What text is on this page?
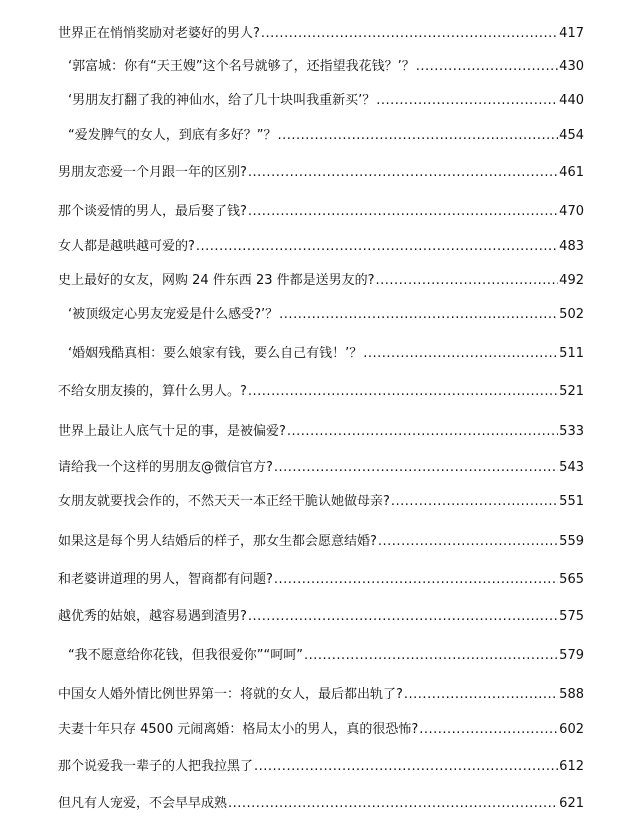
世界正在悄悄奖励对老婆好的男人? .....	417
‘郭富城：你有“天王嫂”这个名号就够了，还指望我花钱？’？ .....	430
‘男朋友打翻了我的神仙水，给了几十块叫我重新买’？ .....	440
“爱发脾气的女人，到底有多好？”？ .....	454
男朋友恋爱一个月跟一年的区别? .....	461
那个谈爱情的男人，最后娶了钱? .....	470
女人都是越哄越可爱的? .....	483
史上最好的女友，网购 24 件东西 23 件都是送男友的? .....	492
‘被顶级定心男友宠爱是什么感受?’？ .....	502
‘婚姻残酷真相：要么娘家有钱，要么自己有钱！’？ .....	511
不给女朋友揍的，算什么男人。? .....	521
世界上最让人底气十足的事，是被偏爱? .....	533
请给我一个这样的男朋友@微信官方? .....	543
女朋友就要找会作的，不然天天一本正经干脆认她做母亲? .....	551
如果这是每个男人结婚后的样子，那女生都会愿意结婚? .....	559
和老婆讲道理的男人，智商都有问题? .....	565
越优秀的姑娘，越容易遇到渣男? .....	575
“我不愿意给你花钱，但我很爱你”“呵呵” .....	579
中国女人婚外情比例世界第一：将就的女人，最后都出轨了? .....	588
夫妻十年只存 4500 元闹离婚：格局太小的男人，真的很恐怖? .....	602
那个说爱我一辈子的人把我拉黑了 .....	612
但凡有人宠爱，不会早早成熟 .....	621
